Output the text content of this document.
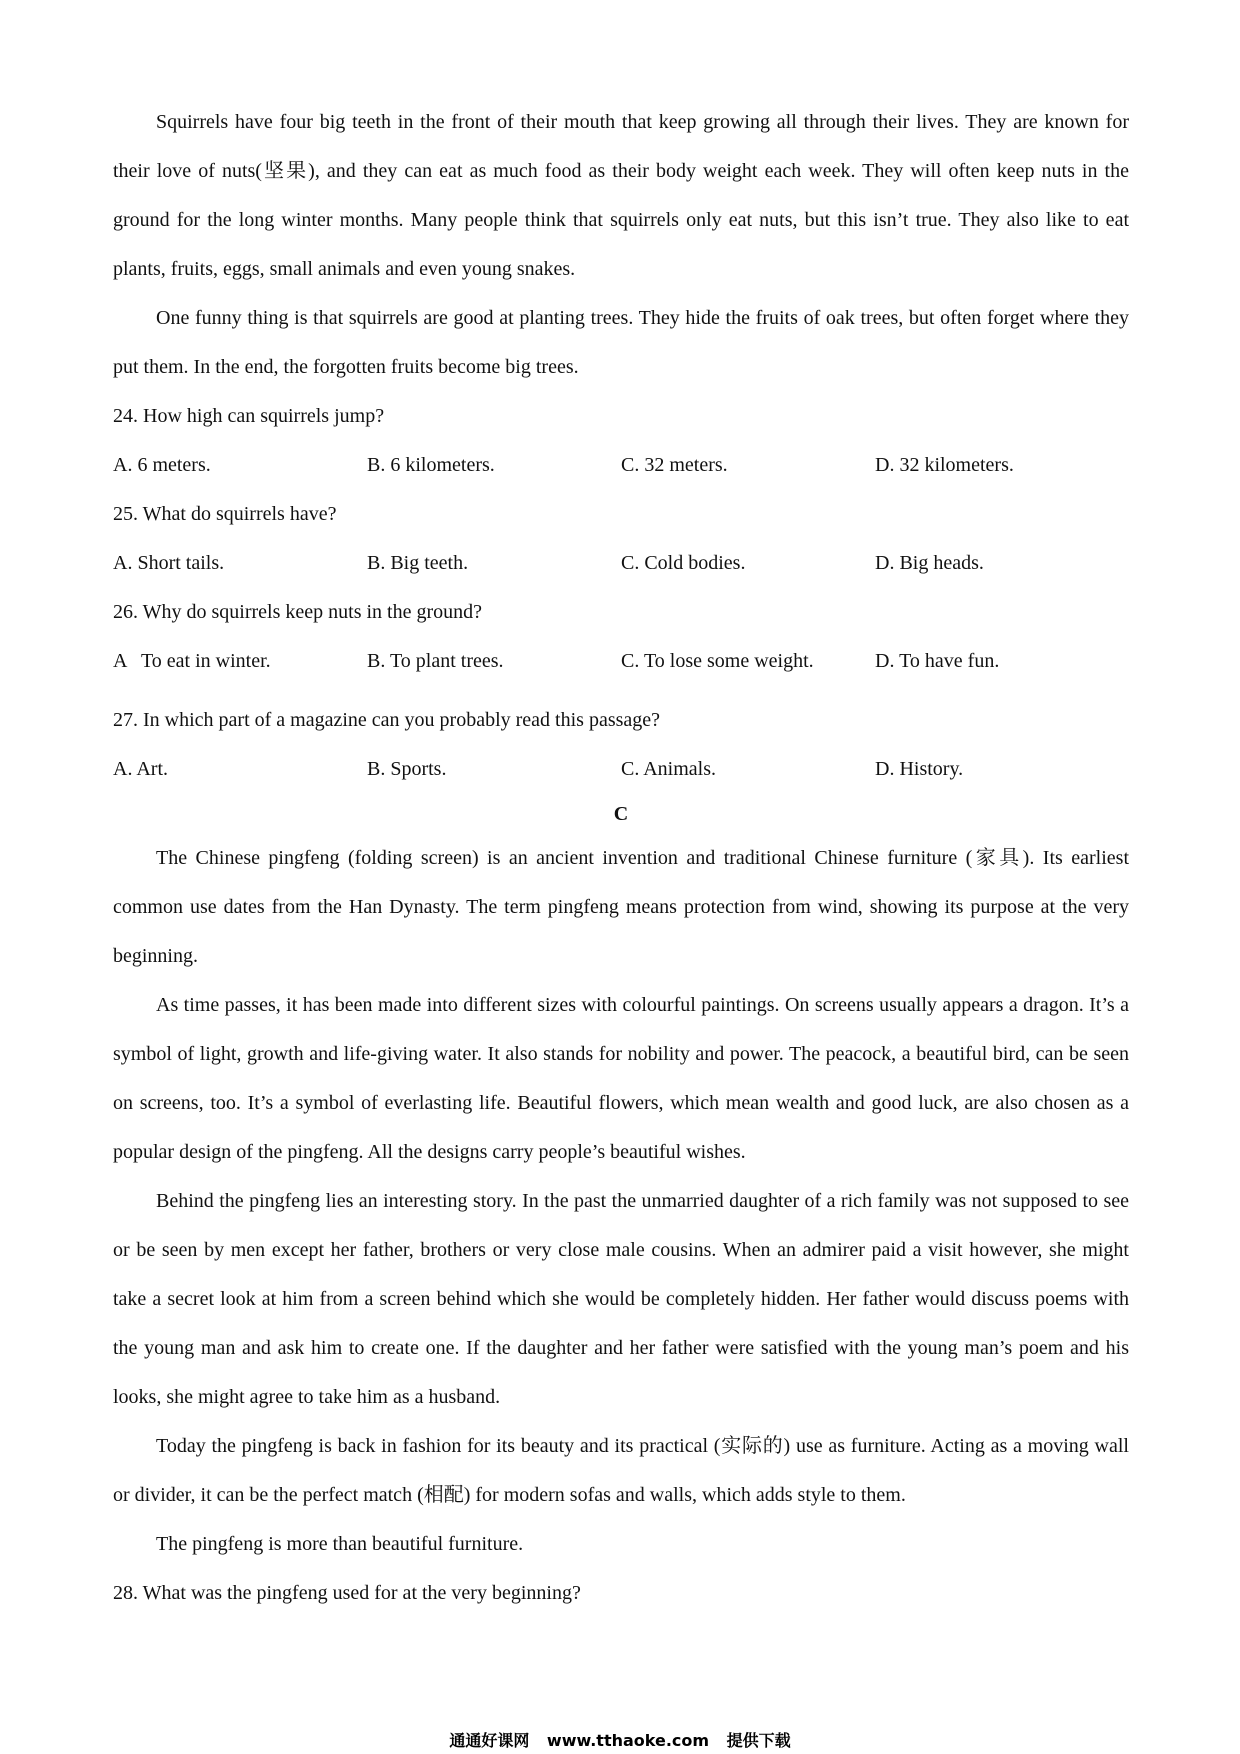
Squirrels have four big teeth in the front of their mouth that keep growing all through their lives. They are known for their love of nuts(坚果), and they can eat as much food as their body weight each week. They will often keep nuts in the ground for the long winter months. Many people think that squirrels only eat nuts, but this isn’t true. They also like to eat plants, fruits, eggs, small animals and even young snakes.

One funny thing is that squirrels are good at planting trees. They hide the fruits of oak trees, but often forget where they put them. In the end, the forgotten fruits become big trees.

24. How high can squirrels jump?

A. 6 meters.	B. 6 kilometers.	C. 32 meters.	D. 32 kilometers.

25. What do squirrels have?

A. Short tails.	B. Big teeth.	C. Cold bodies.	D. Big heads.

26. Why do squirrels keep nuts in the ground?

A   To eat in winter.	B. To plant trees.	C. To lose some weight.	D. To have fun.

27. In which part of a magazine can you probably read this passage?

A. Art.	B. Sports.	C. Animals.	D. History.

C

The Chinese pingfeng (folding screen) is an ancient invention and traditional Chinese furniture (家具). Its earliest common use dates from the Han Dynasty. The term pingfeng means protection from wind, showing its purpose at the very beginning.

As time passes, it has been made into different sizes with colourful paintings. On screens usually appears a dragon. It’s a symbol of light, growth and life-giving water. It also stands for nobility and power. The peacock, a beautiful bird, can be seen on screens, too. It’s a symbol of everlasting life. Beautiful flowers, which mean wealth and good luck, are also chosen as a popular design of the pingfeng. All the designs carry people’s beautiful wishes.

Behind the pingfeng lies an interesting story. In the past the unmarried daughter of a rich family was not supposed to see or be seen by men except her father, brothers or very close male cousins. When an admirer paid a visit however, she might take a secret look at him from a screen behind which she would be completely hidden. Her father would discuss poems with the young man and ask him to create one. If the daughter and her father were satisfied with the young man’s poem and his looks, she might agree to take him as a husband.

Today the pingfeng is back in fashion for its beauty and its practical (实际的) use as furniture. Acting as a moving wall or divider, it can be the perfect match (相配) for modern sofas and walls, which adds style to them.

The pingfeng is more than beautiful furniture.

28. What was the pingfeng used for at the very beginning?

通通好课网 www.tthaoke.com 提供下载
